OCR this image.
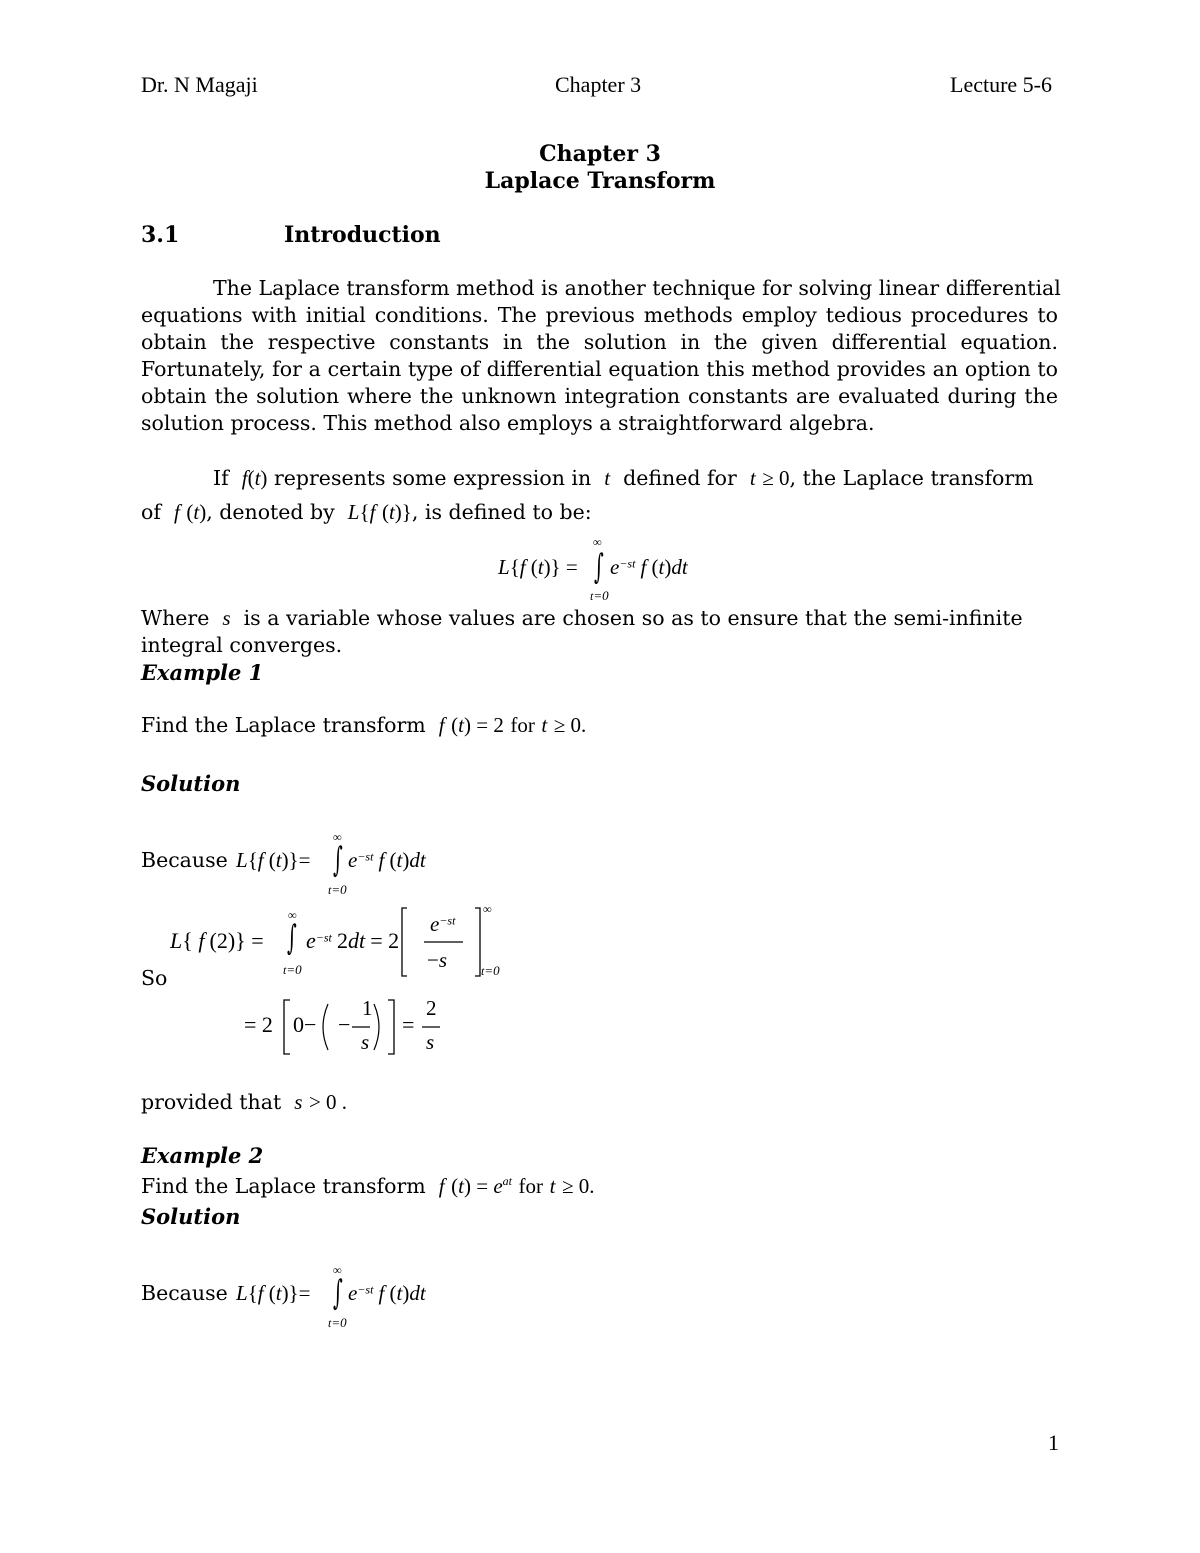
Dr. N Magaji	Chapter 3	Lecture 5-6
Chapter 3
Laplace Transform
3.1	Introduction
The Laplace transform method is another technique for solving linear differential
equations with initial conditions. The previous methods employ tedious procedures to
obtain the respective constants in the solution in the given differential equation.
Fortunately, for a certain type of differential equation this method provides an option to
obtain the solution where the unknown integration constants are evaluated during the
solution process. This method also employs a straightforward algebra.
If f(t) represents some expression in t defined for t ≥ 0, the Laplace transform
of f (t), denoted by L{f (t)}, is defined to be:
∞
L{f (t)} = ∫ $e^{-st}$ f (t)dt
t=0
Where s is a variable whose values are chosen so as to ensure that the semi-infinite
integral converges.
Example 1
Find the Laplace transform f (t) = 2 for t ≥ 0.
Solution
Because
∞
L{f (t)}= ∫ $e^{-st}$ f (t)dt
t=0
So
∞
L{ f (2)} = ∫ $e^{-st}$ 2dt = 2
t=0
$e^{-st}$
−s
∞
t=0
= 2 0− −
1
s
=
2
s
provided that s > 0 .
Example 2
Find the Laplace transform f $(t) = e^{at}$ for t ≥ 0.
Solution
Because
∞
L{f (t)}= ∫ $e^{-st}$ f (t)dt
t=0
1
